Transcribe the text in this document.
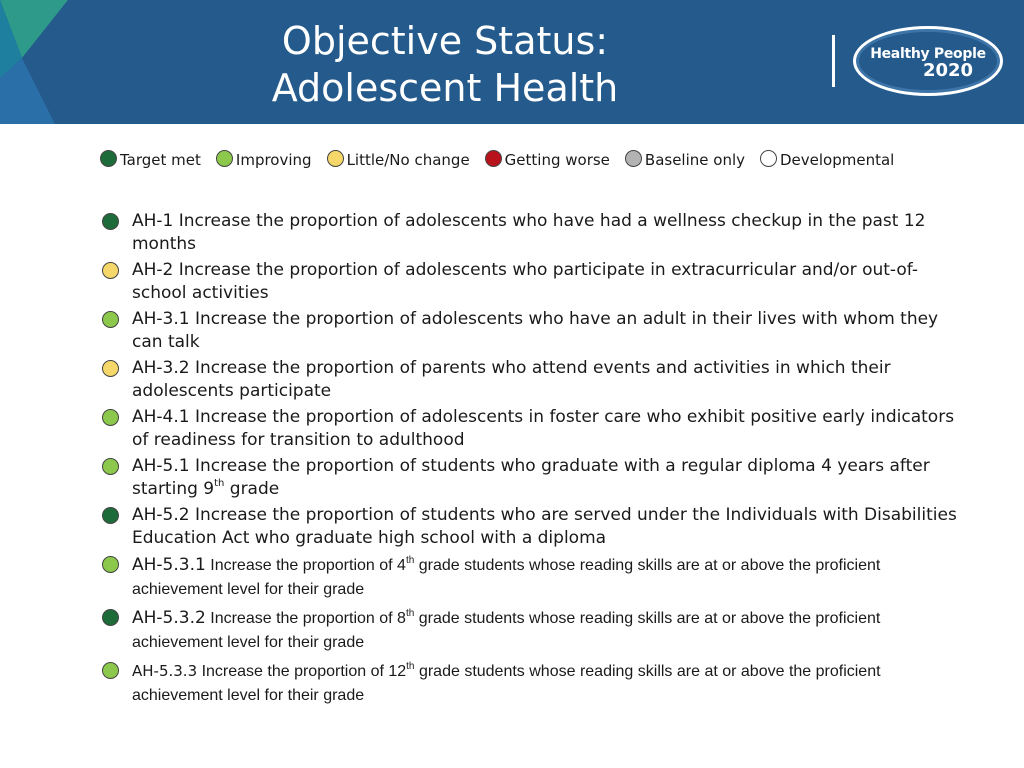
Objective Status:
Adolescent Health
Healthy People
2020
Target met Improving Little/No change Getting worse Baseline only Developmental
AH-1 Increase the proportion of adolescents who have had a wellness checkup in the past 12 months
AH-2 Increase the proportion of adolescents who participate in extracurricular and/or out-of-school activities
AH-3.1 Increase the proportion of adolescents who have an adult in their lives with whom they can talk
AH-3.2 Increase the proportion of parents who attend events and activities in which their adolescents participate
AH-4.1 Increase the proportion of adolescents in foster care who exhibit positive early indicators of readiness for transition to adulthood
AH-5.1 Increase the proportion of students who graduate with a regular diploma 4 years after starting 9th grade
AH-5.2 Increase the proportion of students who are served under the Individuals with Disabilities Education Act who graduate high school with a diploma
AH-5.3.1 Increase the proportion of 4th grade students whose reading skills are at or above the proficient achievement level for their grade
AH-5.3.2 Increase the proportion of 8th grade students whose reading skills are at or above the proficient achievement level for their grade
AH-5.3.3 Increase the proportion of 12th grade students whose reading skills are at or above the proficient achievement level for their grade
